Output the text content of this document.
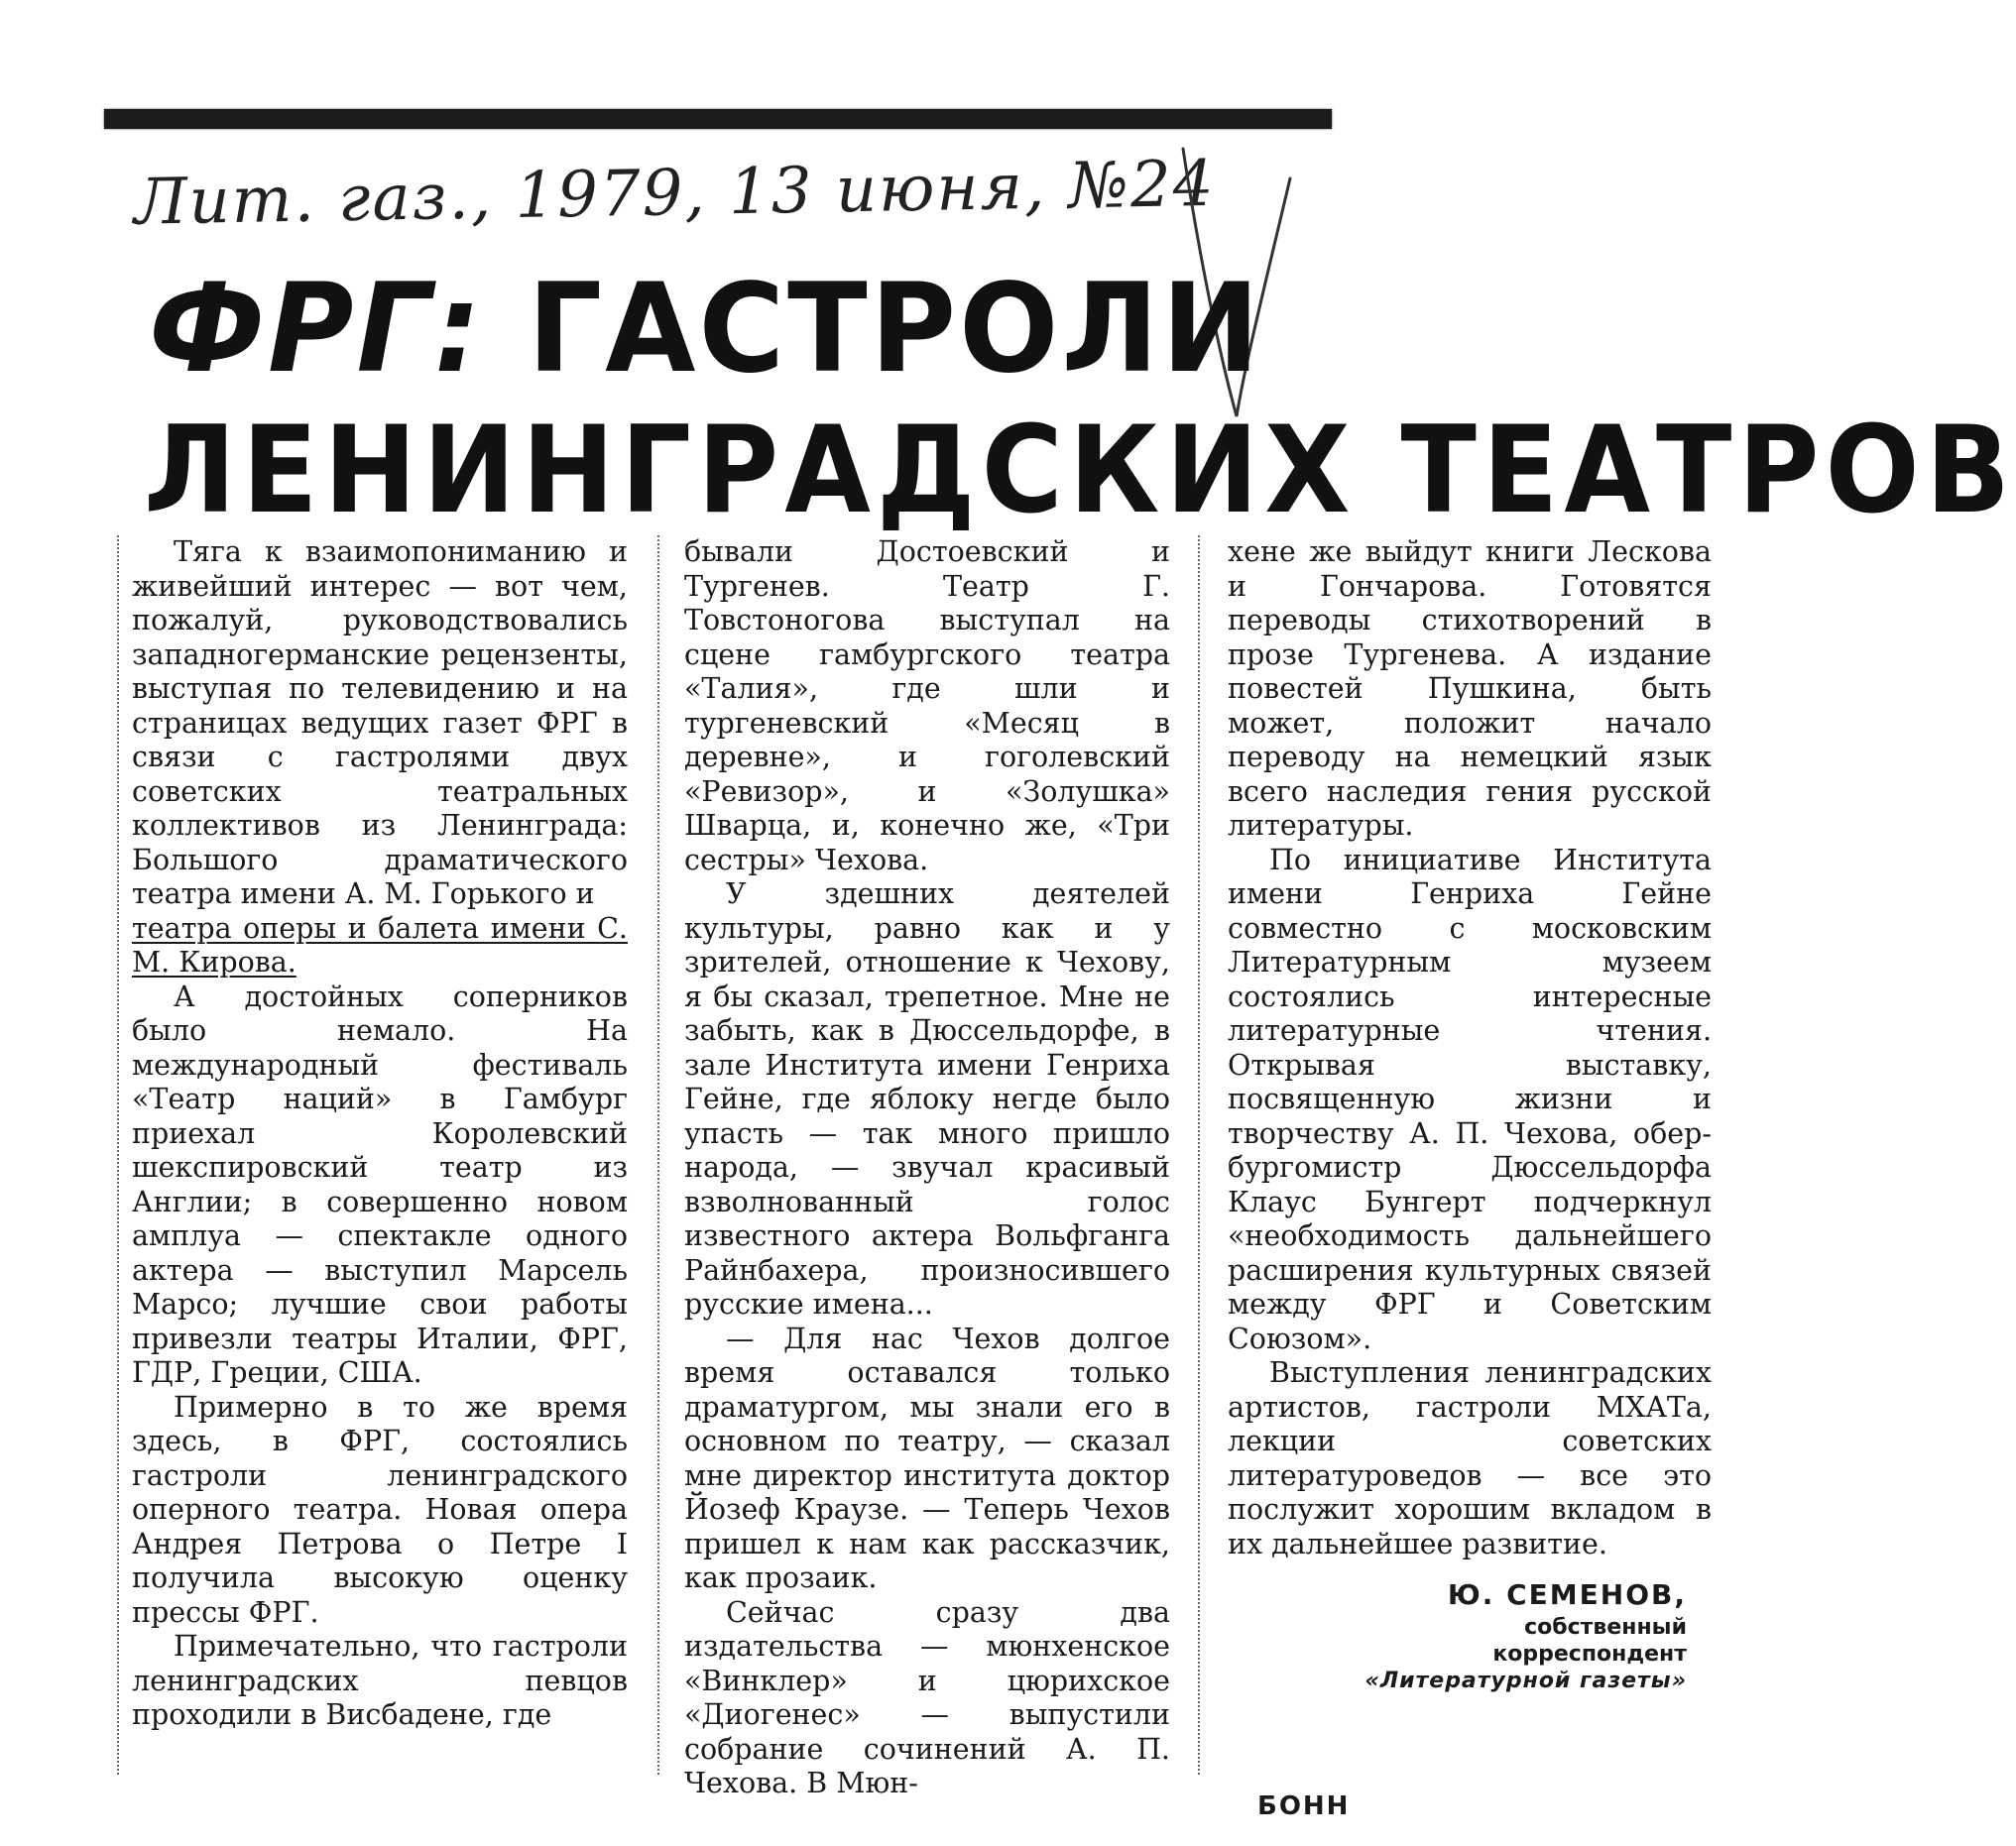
Лит. газ., 1979, 13 июня, №24
ФРГ: ГАСТРОЛИ
ЛЕНИНГРАДСКИХ ТЕАТРОВ

Тяга к взаимопониманию и живейший интерес — вот чем, пожалуй, руководствовались западногерманские рецензенты, выступая по телевидению и на страницах ведущих газет ФРГ в связи с гастролями двух советских театральных коллективов из Ленинграда: Большого драматического театра имени А. М. Горького и

театра оперы и балета имени С. М. Кирова.

А достойных соперников было немало. На международный фестиваль «Театр наций» в Гамбург приехал Королевский шекспировский театр из Англии; в совершенно новом амплуа — спектакле одного актера — выступил Марсель Марсо; лучшие свои работы привезли театры Италии, ФРГ, ГДР, Греции, США.

Примерно в то же время здесь, в ФРГ, состоялись гастроли ленинградского оперного театра. Новая опера Андрея Петрова о Петре I получила высокую оценку прессы ФРГ.

Примечательно, что гастроли ленинградских певцов проходили в Висбадене, где

бывали Достоевский и Тургенев. Театр Г. Товстоногова выступал на сцене гамбургского театра «Талия», где шли и тургеневский «Месяц в деревне», и гоголевский «Ревизор», и «Золушка» Шварца, и, конечно же, «Три сестры» Чехова.

У здешних деятелей культуры, равно как и у зрителей, отношение к Чехову, я бы сказал, трепетное. Мне не забыть, как в Дюссельдорфе, в зале Института имени Генриха Гейне, где яблоку негде было упасть — так много пришло народа, — звучал красивый взволнованный голос известного актера Вольфганга Райнбахера, произносившего русские имена...

— Для нас Чехов долгое время оставался только драматургом, мы знали его в основном по театру, — сказал мне директор института доктор Йозеф Краузе. — Теперь Чехов пришел к нам как рассказчик, как прозаик.

Сейчас сразу два издательства — мюнхенское «Винклер» и цюрихское «Диогенес» — выпустили собрание сочинений А. П. Чехова. В Мюн-

хене же выйдут книги Лескова и Гончарова. Готовятся переводы стихотворений в прозе Тургенева. А издание повестей Пушкина, быть может, положит начало переводу на немецкий язык всего наследия гения русской литературы.

По инициативе Института имени Генриха Гейне совместно с московским Литературным музеем состоялись интересные литературные чтения. Открывая выставку, посвященную жизни и творчеству А. П. Чехова, обер-бургомистр Дюссельдорфа Клаус Бунгерт подчеркнул «необходимость дальнейшего расширения культурных связей между ФРГ и Советским Союзом».

Выступления ленинградских артистов, гастроли МХАТа, лекции советских литературоведов — все это послужит хорошим вкладом в их дальнейшее развитие.

Ю. СЕМЕНОВ,
собственный
корреспондент
«Литературной газеты»
БОНН
